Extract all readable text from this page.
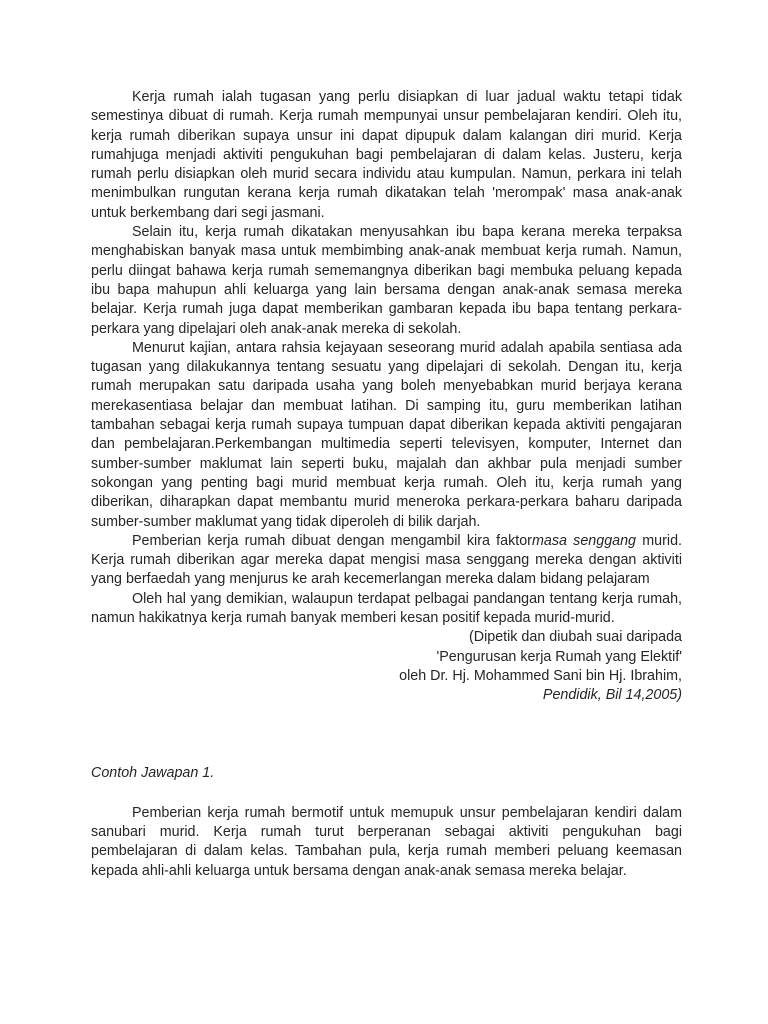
Kerja rumah ialah tugasan yang perlu disiapkan di luar jadual waktu tetapi tidak semestinya dibuat di rumah. Kerja rumah mempunyai unsur pembelajaran kendiri. Oleh itu, kerja rumah diberikan supaya unsur ini dapat dipupuk dalam kalangan diri murid. Kerja rumahjuga menjadi aktiviti pengukuhan bagi pembelajaran di dalam kelas. Justeru, kerja rumah perlu disiapkan oleh murid secara individu atau kumpulan. Namun, perkara ini telah menimbulkan rungutan kerana kerja rumah dikatakan telah 'merompak' masa anak-anak untuk berkembang dari segi jasmani.

Selain itu, kerja rumah dikatakan menyusahkan ibu bapa kerana mereka terpaksa menghabiskan banyak masa untuk membimbing anak-anak membuat kerja rumah. Namun, perlu diingat bahawa kerja rumah sememangnya diberikan bagi membuka peluang kepada ibu bapa mahupun ahli keluarga yang lain bersama dengan anak-anak semasa mereka belajar. Kerja rumah juga dapat memberikan gambaran kepada ibu bapa tentang perkara-perkara yang dipelajari oleh anak-anak mereka di sekolah.

Menurut kajian, antara rahsia kejayaan seseorang murid adalah apabila sentiasa ada tugasan yang dilakukannya tentang sesuatu yang dipelajari di sekolah. Dengan itu, kerja rumah merupakan satu daripada usaha yang boleh menyebabkan murid berjaya kerana merekasentiasa belajar dan membuat latihan. Di samping itu, guru memberikan latihan tambahan sebagai kerja rumah supaya tumpuan dapat diberikan kepada aktiviti pengajaran dan pembelajaran.Perkembangan multimedia seperti televisyen, komputer, Internet dan sumber-sumber maklumat lain seperti buku, majalah dan akhbar pula menjadi sumber sokongan yang penting bagi murid membuat kerja rumah. Oleh itu, kerja rumah yang diberikan, diharapkan dapat membantu murid meneroka perkara-perkara baharu daripada sumber-sumber maklumat yang tidak diperoleh di bilik darjah.

Pemberian kerja rumah dibuat dengan mengambil kira faktormasa senggang murid. Kerja rumah diberikan agar mereka dapat mengisi masa senggang mereka dengan aktiviti yang berfaedah yang menjurus ke arah kecemerlangan mereka dalam bidang pelajaram

Oleh hal yang demikian, walaupun terdapat pelbagai pandangan tentang kerja rumah, namun hakikatnya kerja rumah banyak memberi kesan positif kepada murid-murid.

(Dipetik dan diubah suai daripada
'Pengurusan kerja Rumah yang Elektif'
oleh Dr. Hj. Mohammed Sani bin Hj. Ibrahim,
Pendidik, Bil 14,2005)

Contoh Jawapan 1.

Pemberian kerja rumah bermotif untuk memupuk unsur pembelajaran kendiri dalam sanubari murid. Kerja rumah turut berperanan sebagai aktiviti pengukuhan bagi pembelajaran di dalam kelas. Tambahan pula, kerja rumah memberi peluang keemasan kepada ahli-ahli keluarga untuk bersama dengan anak-anak semasa mereka belajar.
